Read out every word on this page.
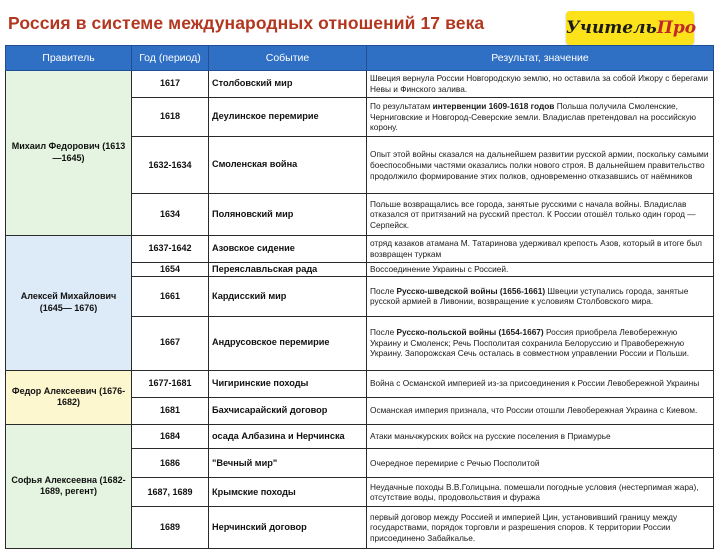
Россия в системе международных отношений 17 века	УчительПро
Правитель	Год (период)	Событие	Результат, значение
Михаил Федорович (1613—1645)	1617	Столбовский мир	Швеция вернула России Новгородскую землю, но оставила за собой Ижору с берегами Невы и Финского залива.
	1618	Деулинское перемирие	По результатам интервенции 1609-1618 годов Польша получила Смоленские, Черниговские и Новгород-Северские земли. Владислав претендовал на российскую корону.
	1632-1634	Смоленская война	Опыт этой войны сказался на дальнейшем развитии русской армии, поскольку самыми боеспособными частями оказались полки нового строя. В дальнейшем правительство продолжило формирование этих полков, одновременно отказавшись от наёмников
	1634	Поляновский мир	Польше возвращались все города, занятые русскими с начала войны. Владислав отказался от притязаний на русский престол. К России отошёл только один город — Серпейск.
Алексей Михайлович (1645— 1676)	1637-1642	Азовское сидение	отряд казаков атамана М. Татаринова удерживал крепость Азов, который в итоге был возвращен туркам
	1654	Переяславльская рада	Воссоединение Украины с Россией.
	1661	Кардисский мир	После Русско-шведской войны (1656-1661) Швеции уступались города, занятые русской армией в Ливонии, возвращение к условиям Столбовского мира.
	1667	Андрусовское перемирие	После Русско-польской войны (1654-1667) Россия приобрела Левобережную Украину и Смоленск; Речь Посполитая сохранила Белоруссию и Правобережную Украину. Запорожская Сечь осталась в совместном управлении России и Польши.
Федор Алексеевич (1676-1682)	1677-1681	Чигиринские походы	Война с Османской империей из-за присоединения к России Левобережной Украины
	1681	Бахчисарайский договор	Османская империя признала, что России отошли Левобережная Украина с Киевом.
Софья Алексеевна (1682-1689, регент)	1684	осада Албазина и Нерчинска	Атаки маньчжурских войск на русские поселения в Приамурье
	1686	"Вечный мир"	Очередное перемирие с Речью Посполитой
	1687, 1689	Крымские походы	Неудачные походы В.В.Голицына. помешали погодные условия (нестерпимая жара), отсутствие воды, продовольствия и фуража
	1689	Нерчинский договор	первый договор между Россией и империей Цин, установивший границу между государствами, порядок торговли и разрешения споров. К территории России присоединено Забайкалье.
